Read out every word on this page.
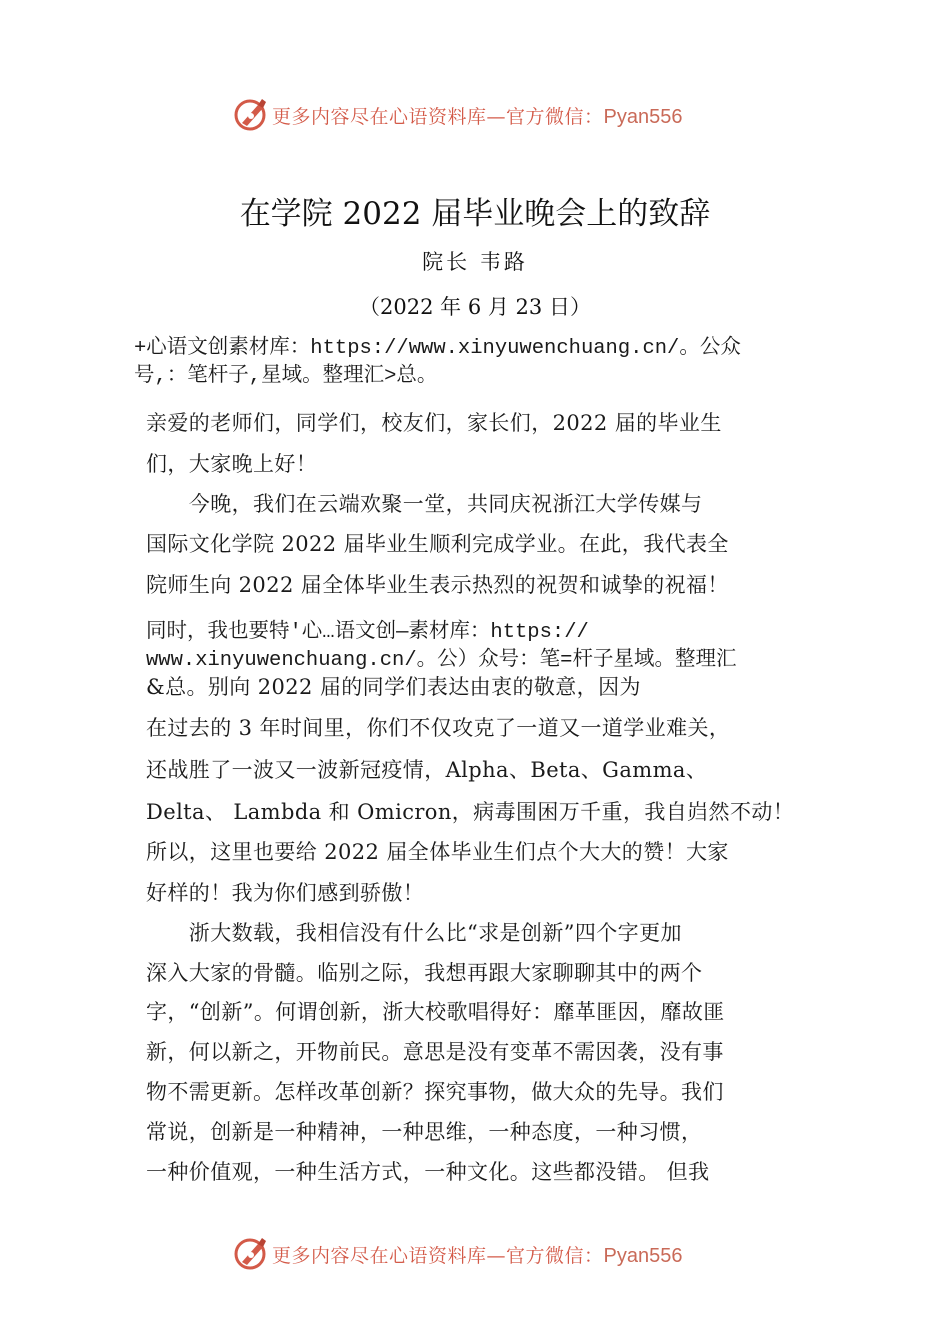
更多内容尽在心语资料库—官方微信：Pyan556
在学院 2022 届毕业晚会上的致辞
院长 韦路
（2022 年 6 月 23 日）
+心语文创素材库：https://www.xinyuwenchuang.cn/。公众
号,：笔杆子,星域。整理汇>总。
亲爱的老师们，同学们，校友们，家长们，2022 届的毕业生
们，大家晚上好！
　　今晚，我们在云端欢聚一堂，共同庆祝浙江大学传媒与
国际文化学院 2022 届毕业生顺利完成学业。在此，我代表全
院师生向 2022 届全体毕业生表示热烈的祝贺和诚挚的祝福！
同时，我也要特'心…语文创—素材库：https://
www.xinyuwenchuang.cn/。公）众号：笔=杆子星域。整理汇
&总。别向 2022 届的同学们表达由衷的敬意，因为
在过去的 3 年时间里，你们不仅攻克了一道又一道学业难关，
还战胜了一波又一波新冠疫情，Alpha、Beta、Gamma、
Delta、 Lambda 和 Omicron，病毒围困万千重，我自岿然不动！
所以，这里也要给 2022 届全体毕业生们点个大大的赞！大家
好样的！我为你们感到骄傲！
　　浙大数载，我相信没有什么比“求是创新”四个字更加
深入大家的骨髓。临别之际，我想再跟大家聊聊其中的两个
字，“创新”。何谓创新，浙大校歌唱得好：靡革匪因，靡故匪
新，何以新之，开物前民。意思是没有变革不需因袭，没有事
物不需更新。怎样改革创新？探究事物，做大众的先导。我们
常说，创新是一种精神，一种思维，一种态度，一种习惯，
一种价值观，一种生活方式，一种文化。这些都没错。 但我
更多内容尽在心语资料库—官方微信：Pyan556
